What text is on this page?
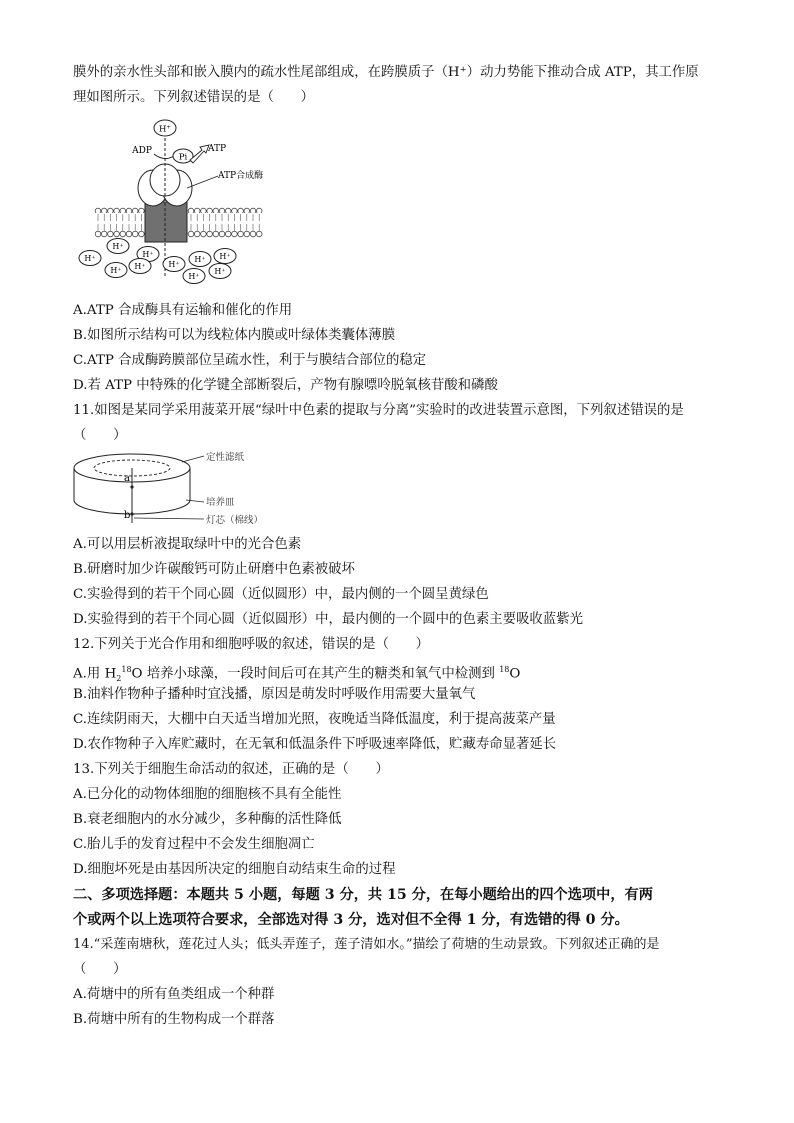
膜外的亲水性头部和嵌入膜内的疏水性尾部组成，在跨膜质子（H⁺）动力势能下推动合成 ATP，其工作原
理如图所示。下列叙述错误的是（　　）
H⁺
ADP
Pi
ATP
ATP合成酶
H⁺
H⁺	H⁺
H⁺ H⁺	H⁺
H⁺ H⁺
H⁺
H⁺
A.ATP 合成酶具有运输和催化的作用
B.如图所示结构可以为线粒体内膜或叶绿体类囊体薄膜
C.ATP 合成酶跨膜部位呈疏水性，利于与膜结合部位的稳定
D.若 ATP 中特殊的化学键全部断裂后，产物有腺嘌呤脱氧核苷酸和磷酸
11.如图是某同学采用菠菜开展“绿叶中色素的提取与分离”实验时的改进装置示意图，下列叙述错误的是
（　　）
a
b
定性滤纸
培养皿
灯芯（棉线）
A.可以用层析液提取绿叶中的光合色素
B.研磨时加少许碳酸钙可防止研磨中色素被破坏
C.实验得到的若干个同心圆（近似圆形）中，最内侧的一个圆呈黄绿色
D.实验得到的若干个同心圆（近似圆形）中，最内侧的一个圆中的色素主要吸收蓝紫光
12.下列关于光合作用和细胞呼吸的叙述，错误的是（　　）
A.用 $H_2^{18}O$ 培养小球藻，一段时间后可在其产生的糖类和氧气中检测到 $^{18}$O
B.油料作物种子播种时宜浅播，原因是萌发时呼吸作用需要大量氧气
C.连续阴雨天，大棚中白天适当增加光照，夜晚适当降低温度，利于提高菠菜产量
D.农作物种子入库贮藏时，在无氧和低温条件下呼吸速率降低，贮藏寿命显著延长
13.下列关于细胞生命活动的叙述，正确的是（　　）
A.已分化的动物体细胞的细胞核不具有全能性
B.衰老细胞内的水分减少，多种酶的活性降低
C.胎儿手的发育过程中不会发生细胞凋亡
D.细胞坏死是由基因所决定的细胞自动结束生命的过程
二、多项选择题：本题共 5 小题，每题 3 分，共 15 分，在每小题给出的四个选项中，有两
个或两个以上选项符合要求，全部选对得 3 分，选对但不全得 1 分，有选错的得 0 分。
14.“采莲南塘秋，莲花过人头；低头弄莲子，莲子清如水。”描绘了荷塘的生动景致。下列叙述正确的是
（　　）
A.荷塘中的所有鱼类组成一个种群
B.荷塘中所有的生物构成一个群落
